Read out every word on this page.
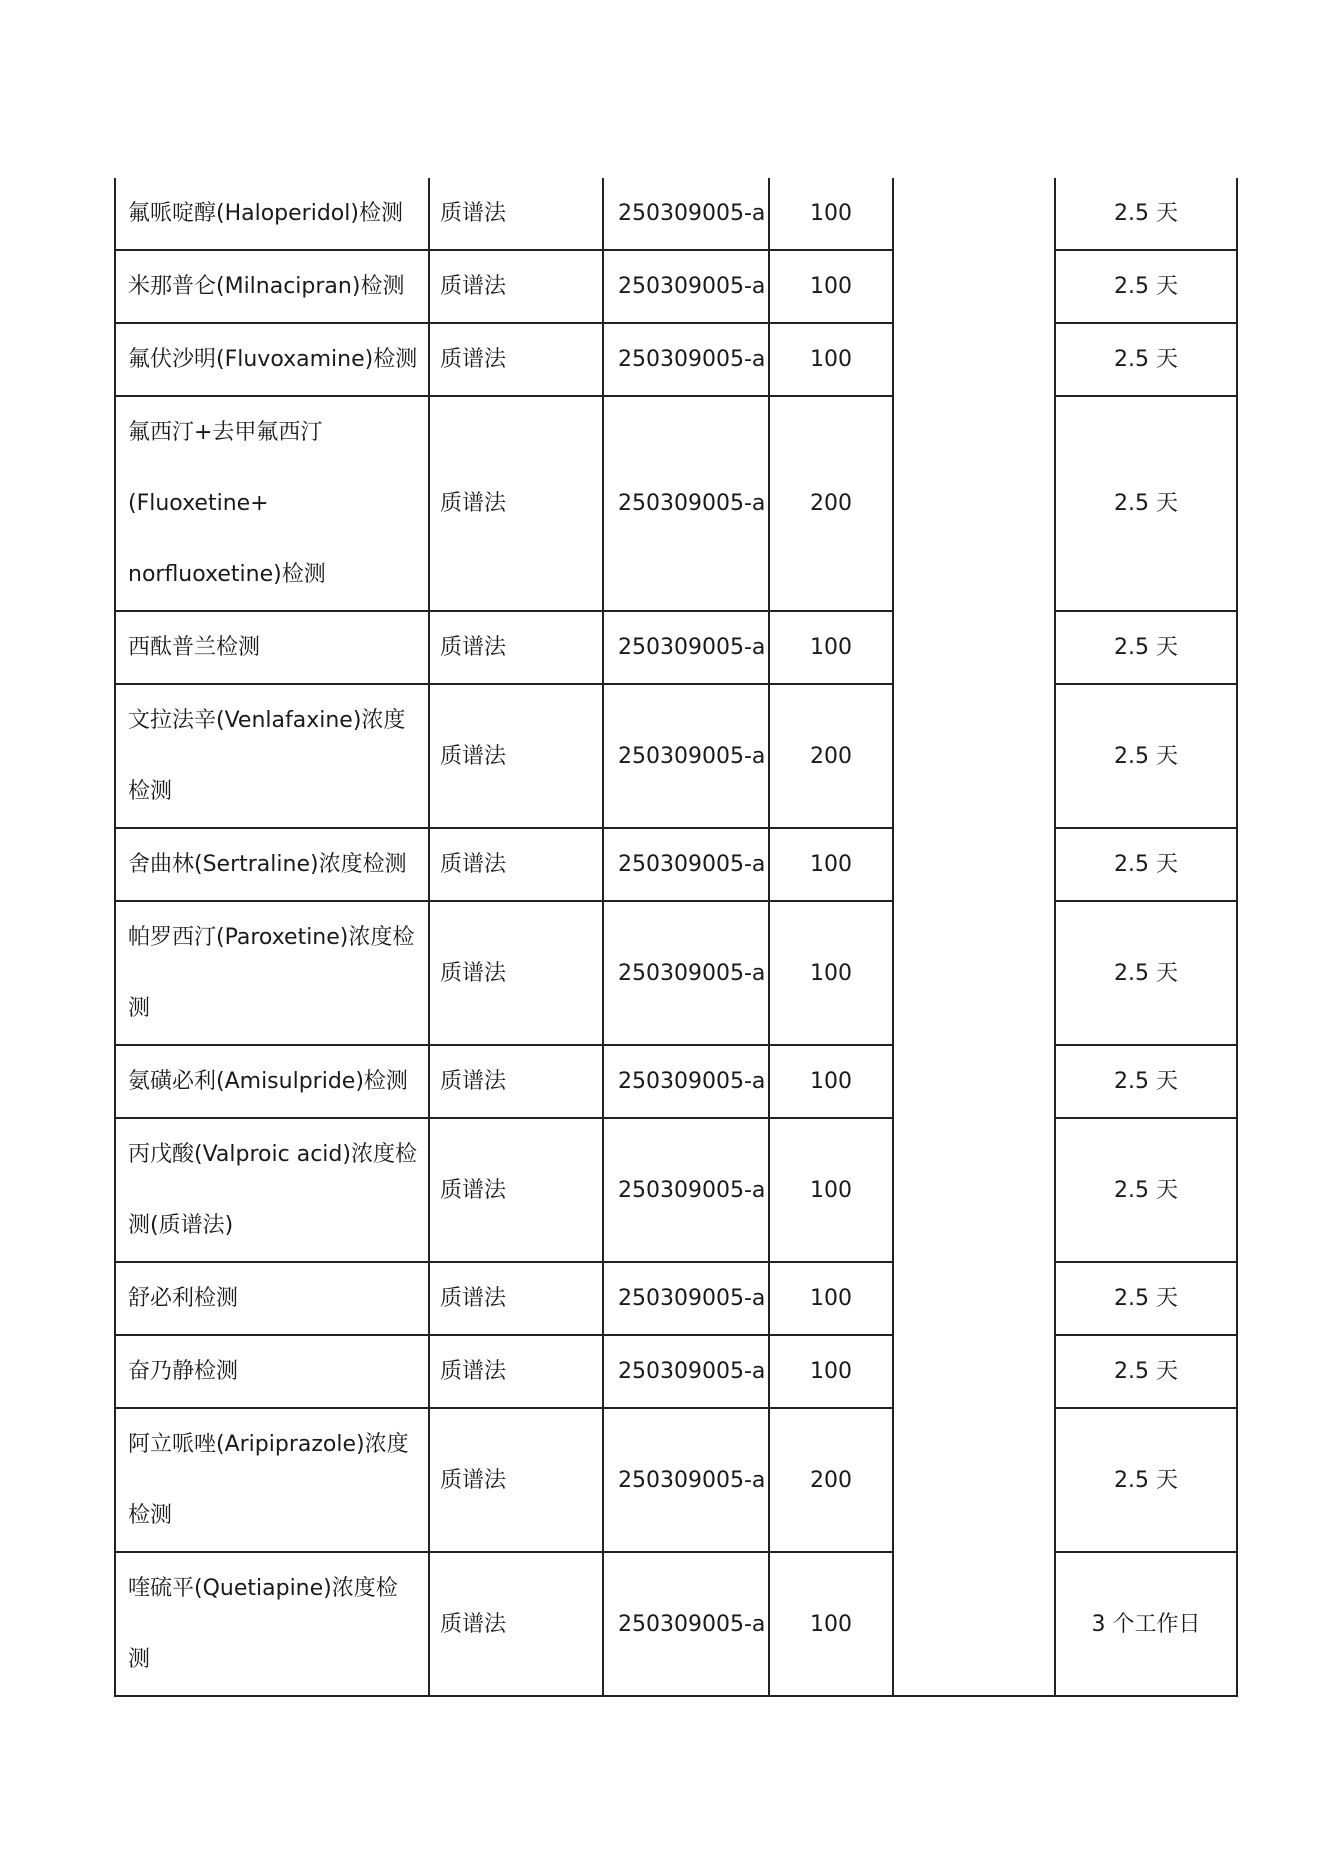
氟哌啶醇(Haloperidol)检测	质谱法	250309005-a	100		2.5 天

米那普仑(Milnacipran)检测	质谱法	250309005-a	100		2.5 天

氟伏沙明(Fluvoxamine)检测	质谱法	250309005-a	100		2.5 天

氟西汀+去甲氟西汀
(Fluoxetine+
norfluoxetine)检测	质谱法	250309005-a	200		2.5 天

西酞普兰检测	质谱法	250309005-a	100		2.5 天

文拉法辛(Venlafaxine)浓度
检测	质谱法	250309005-a	200		2.5 天

舍曲林(Sertraline)浓度检测	质谱法	250309005-a	100		2.5 天

帕罗西汀(Paroxetine)浓度检
测	质谱法	250309005-a	100		2.5 天

氨磺必利(Amisulpride)检测	质谱法	250309005-a	100		2.5 天

丙戊酸(Valproic acid)浓度检
测(质谱法)	质谱法	250309005-a	100		2.5 天

舒必利检测	质谱法	250309005-a	100		2.5 天

奋乃静检测	质谱法	250309005-a	100		2.5 天

阿立哌唑(Aripiprazole)浓度
检测	质谱法	250309005-a	200		2.5 天

喹硫平(Quetiapine)浓度检
测	质谱法	250309005-a	100		3 个工作日
